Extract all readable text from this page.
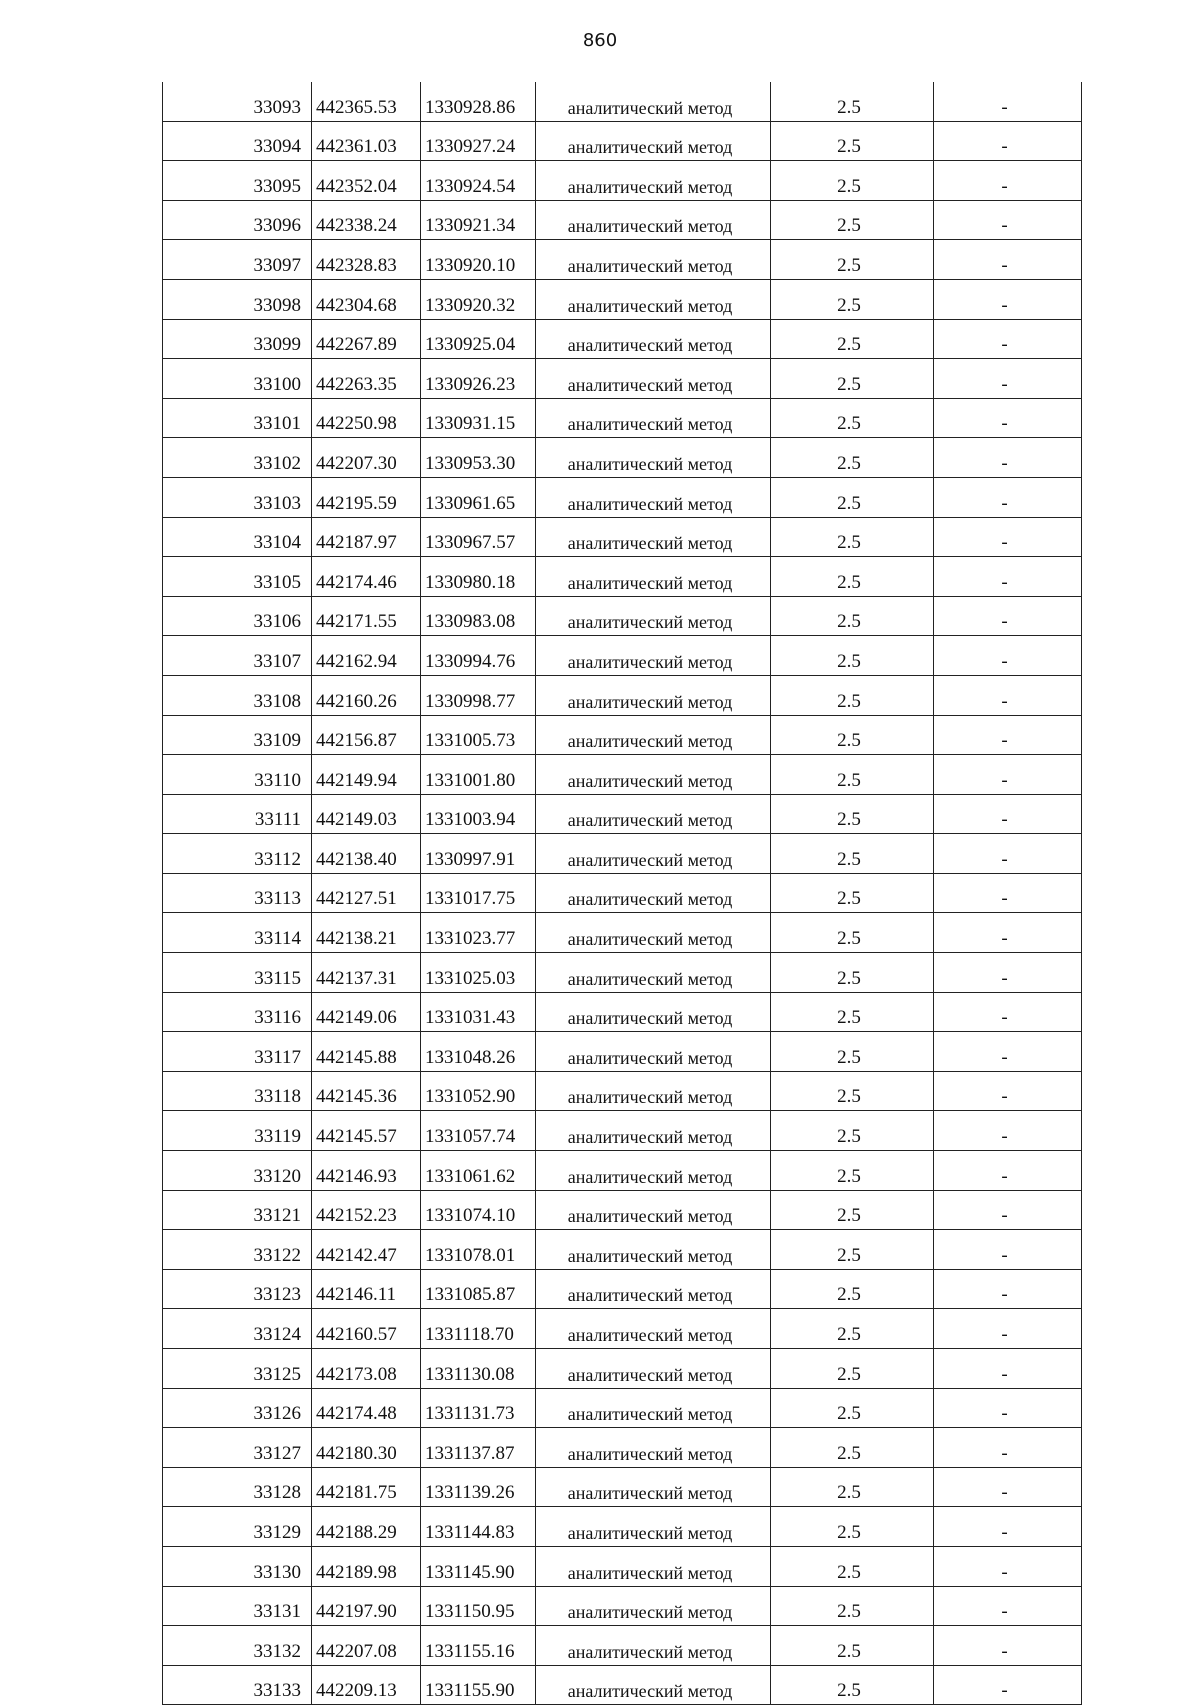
860
33093	442365.53	1330928.86	аналитический метод	2.5	-
33094	442361.03	1330927.24	аналитический метод	2.5	-
33095	442352.04	1330924.54	аналитический метод	2.5	-
33096	442338.24	1330921.34	аналитический метод	2.5	-
33097	442328.83	1330920.10	аналитический метод	2.5	-
33098	442304.68	1330920.32	аналитический метод	2.5	-
33099	442267.89	1330925.04	аналитический метод	2.5	-
33100	442263.35	1330926.23	аналитический метод	2.5	-
33101	442250.98	1330931.15	аналитический метод	2.5	-
33102	442207.30	1330953.30	аналитический метод	2.5	-
33103	442195.59	1330961.65	аналитический метод	2.5	-
33104	442187.97	1330967.57	аналитический метод	2.5	-
33105	442174.46	1330980.18	аналитический метод	2.5	-
33106	442171.55	1330983.08	аналитический метод	2.5	-
33107	442162.94	1330994.76	аналитический метод	2.5	-
33108	442160.26	1330998.77	аналитический метод	2.5	-
33109	442156.87	1331005.73	аналитический метод	2.5	-
33110	442149.94	1331001.80	аналитический метод	2.5	-
33111	442149.03	1331003.94	аналитический метод	2.5	-
33112	442138.40	1330997.91	аналитический метод	2.5	-
33113	442127.51	1331017.75	аналитический метод	2.5	-
33114	442138.21	1331023.77	аналитический метод	2.5	-
33115	442137.31	1331025.03	аналитический метод	2.5	-
33116	442149.06	1331031.43	аналитический метод	2.5	-
33117	442145.88	1331048.26	аналитический метод	2.5	-
33118	442145.36	1331052.90	аналитический метод	2.5	-
33119	442145.57	1331057.74	аналитический метод	2.5	-
33120	442146.93	1331061.62	аналитический метод	2.5	-
33121	442152.23	1331074.10	аналитический метод	2.5	-
33122	442142.47	1331078.01	аналитический метод	2.5	-
33123	442146.11	1331085.87	аналитический метод	2.5	-
33124	442160.57	1331118.70	аналитический метод	2.5	-
33125	442173.08	1331130.08	аналитический метод	2.5	-
33126	442174.48	1331131.73	аналитический метод	2.5	-
33127	442180.30	1331137.87	аналитический метод	2.5	-
33128	442181.75	1331139.26	аналитический метод	2.5	-
33129	442188.29	1331144.83	аналитический метод	2.5	-
33130	442189.98	1331145.90	аналитический метод	2.5	-
33131	442197.90	1331150.95	аналитический метод	2.5	-
33132	442207.08	1331155.16	аналитический метод	2.5	-
33133	442209.13	1331155.90	аналитический метод	2.5	-
